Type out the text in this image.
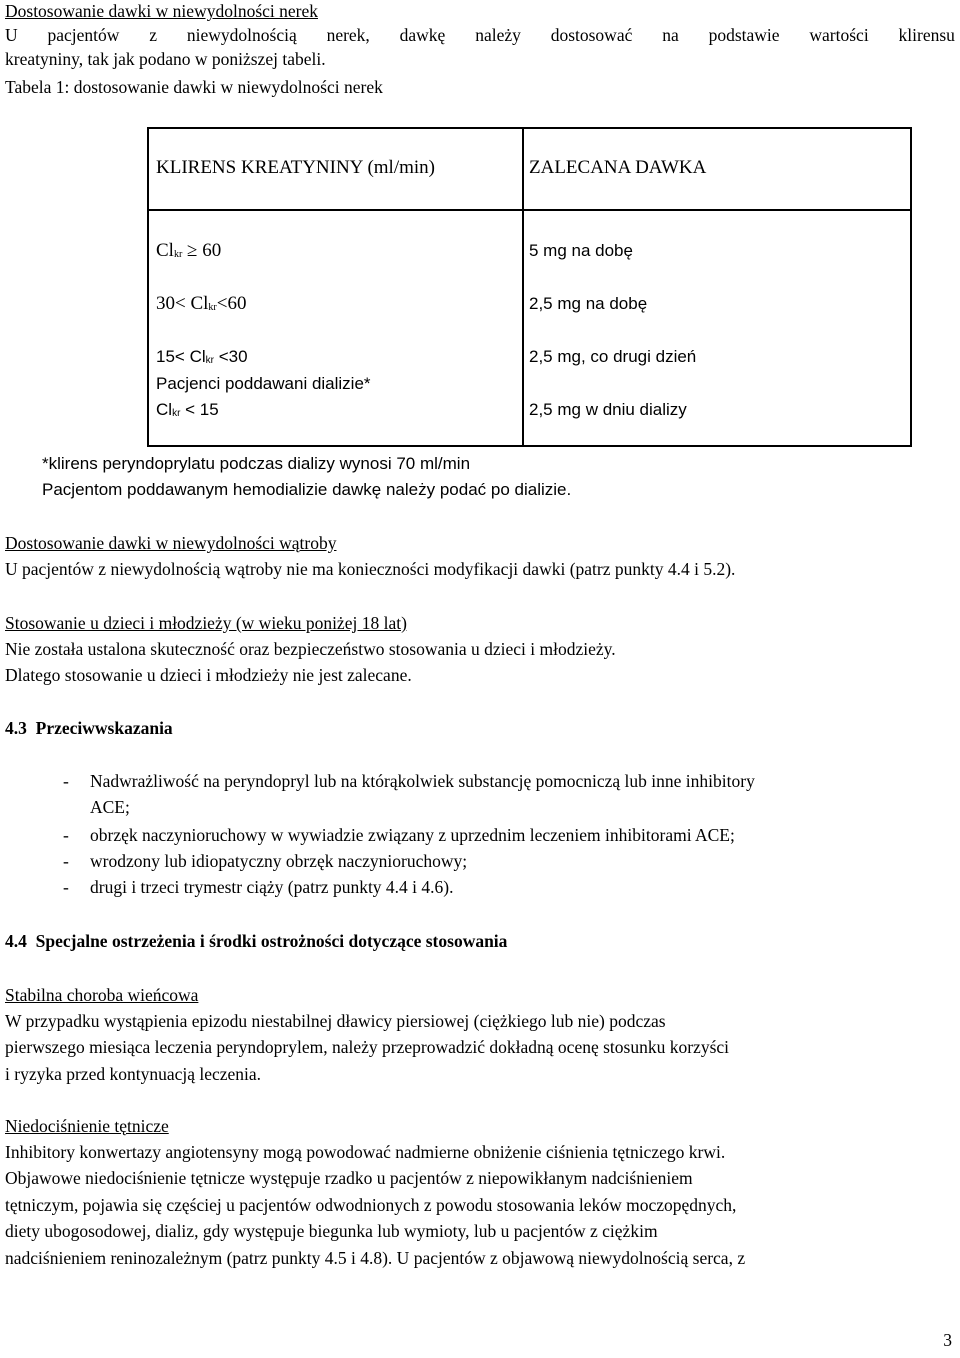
Dostosowanie dawki w niewydolności nerek
U pacjentów z niewydolnością nerek, dawkę należy dostosować na podstawie wartości klirensu
kreatyniny, tak jak podano w poniższej tabeli.
Tabela 1: dostosowanie dawki w niewydolności nerek
KLIRENS KREATYNINY (ml/min)	ZALECANA DAWKA
$Cl_{kr} \ge 60$
$30< Cl_{kr}<60$
$15< Cl_{kr} <30$
Pacjenci poddawani dializie*
$Cl_{kr} < 15$
5 mg na dobę
2,5 mg na dobę
2,5 mg, co drugi dzień
2,5 mg w dniu dializy
*klirens peryndoprylatu podczas dializy wynosi 70 ml/min
Pacjentom poddawanym hemodializie dawkę należy podać po dializie.
Dostosowanie dawki w niewydolności wątroby
U pacjentów z niewydolnością wątroby nie ma konieczności modyfikacji dawki (patrz punkty 4.4 i 5.2).
Stosowanie u dzieci i młodzieży (w wieku poniżej 18 lat)
Nie została ustalona skuteczność oraz bezpieczeństwo stosowania u dzieci i młodzieży.
Dlatego stosowanie u dzieci i młodzieży nie jest zalecane.
4.3 Przeciwwskazania
- Nadwrażliwość na peryndopryl lub na którąkolwiek substancję pomocniczą lub inne inhibitory
ACE;
- obrzęk naczynioruchowy w wywiadzie związany z uprzednim leczeniem inhibitorami ACE;
- wrodzony lub idiopatyczny obrzęk naczynioruchowy;
- drugi i trzeci trymestr ciąży (patrz punkty 4.4 i 4.6).
4.4 Specjalne ostrzeżenia i środki ostrożności dotyczące stosowania
Stabilna choroba wieńcowa
W przypadku wystąpienia epizodu niestabilnej dławicy piersiowej (ciężkiego lub nie) podczas
pierwszego miesiąca leczenia peryndoprylem, należy przeprowadzić dokładną ocenę stosunku korzyści
i ryzyka przed kontynuacją leczenia.
Niedociśnienie tętnicze
Inhibitory konwertazy angiotensyny mogą powodować nadmierne obniżenie ciśnienia tętniczego krwi.
Objawowe niedociśnienie tętnicze występuje rzadko u pacjentów z niepowikłanym nadciśnieniem
tętniczym, pojawia się częściej u pacjentów odwodnionych z powodu stosowania leków moczopędnych,
diety ubogosodowej, dializ, gdy występuje biegunka lub wymioty, lub u pacjentów z ciężkim
nadciśnieniem reninozależnym (patrz punkty 4.5 i 4.8). U pacjentów z objawową niewydolnością serca, z
3
